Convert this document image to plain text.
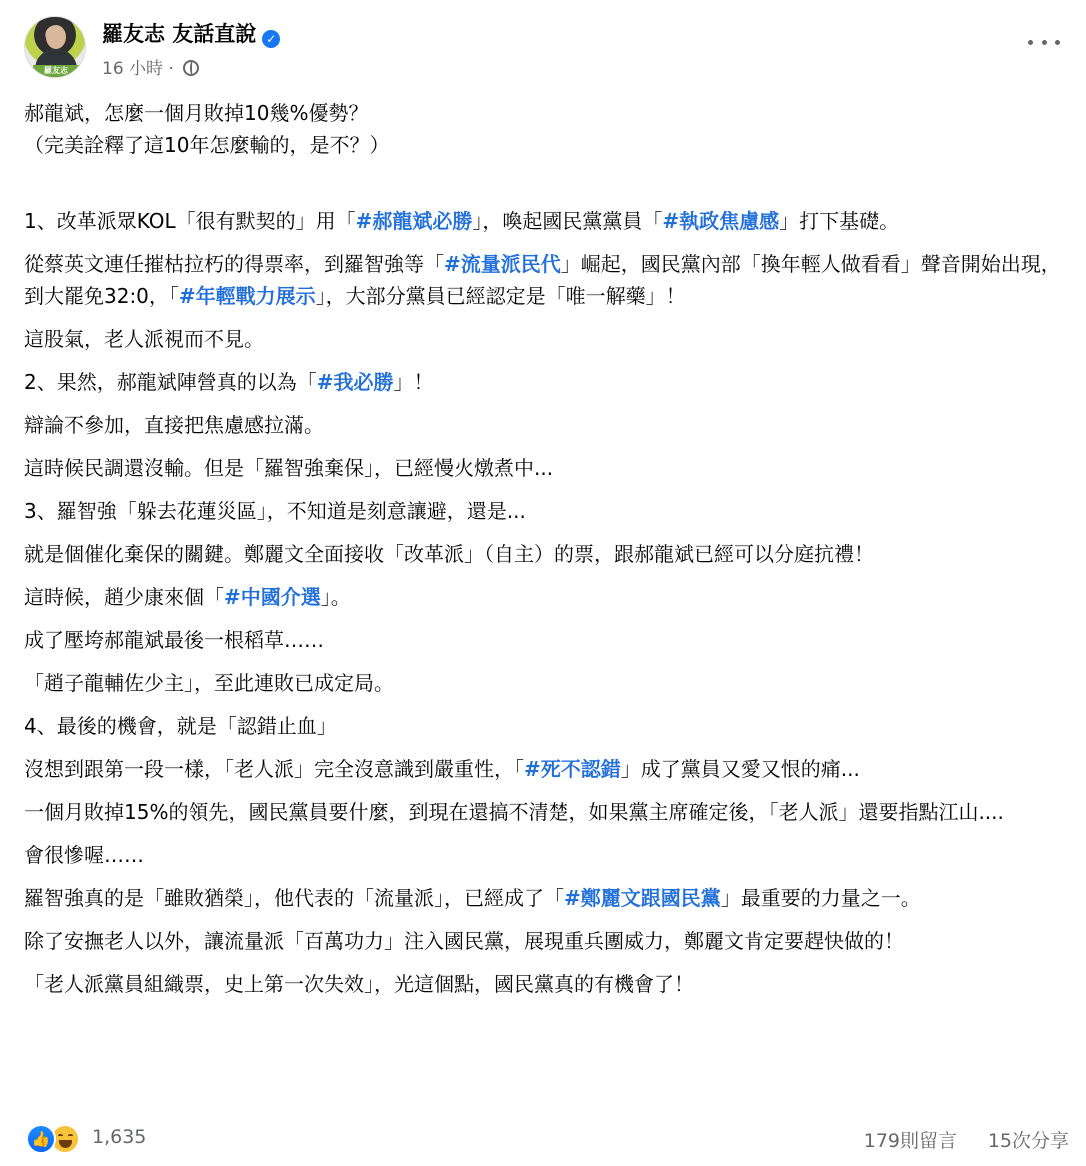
羅友志
羅友志 友話直說 ✓
16 小時 ·

郝龍斌，怎麼一個月敗掉10幾%優勢？

（完美詮釋了這10年怎麼輸的，是不？）

1、改革派眾KOL「很有默契的」用「#郝龍斌必勝」，喚起國民黨黨員「#執政焦慮感」打下基礎。

從蔡英文連任摧枯拉朽的得票率，到羅智強等「#流量派民代」崛起，國民黨內部「換年輕人做看看」聲音開始出現，到大罷免32:0，「#年輕戰力展示」，大部分黨員已經認定是「唯一解藥」！

這股氣，老人派視而不見。

2、果然，郝龍斌陣營真的以為「#我必勝」！

辯論不參加，直接把焦慮感拉滿。

這時候民調還沒輸。但是「羅智強棄保」，已經慢火燉煮中...

3、羅智強「躲去花蓮災區」，不知道是刻意讓避，還是...

就是個催化棄保的關鍵。鄭麗文全面接收「改革派」（自主）的票，跟郝龍斌已經可以分庭抗禮！

這時候，趙少康來個「#中國介選」。

成了壓垮郝龍斌最後一根稻草……

「趙子龍輔佐少主」，至此連敗已成定局。

4、最後的機會，就是「認錯止血」

沒想到跟第一段一樣，「老人派」完全沒意識到嚴重性，「#死不認錯」成了黨員又愛又恨的痛...

一個月敗掉15%的領先，國民黨員要什麼，到現在還搞不清楚，如果黨主席確定後，「老人派」還要指點江山....

會很慘喔……

羅智強真的是「雖敗猶榮」，他代表的「流量派」，已經成了「#鄭麗文跟國民黨」最重要的力量之一。

除了安撫老人以外，讓流量派「百萬功力」注入國民黨，展現重兵團威力，鄭麗文肯定要趕快做的！

「老人派黨員組織票，史上第一次失效」，光這個點，國民黨真的有機會了！

👍 1,635	179則留言 15次分享
